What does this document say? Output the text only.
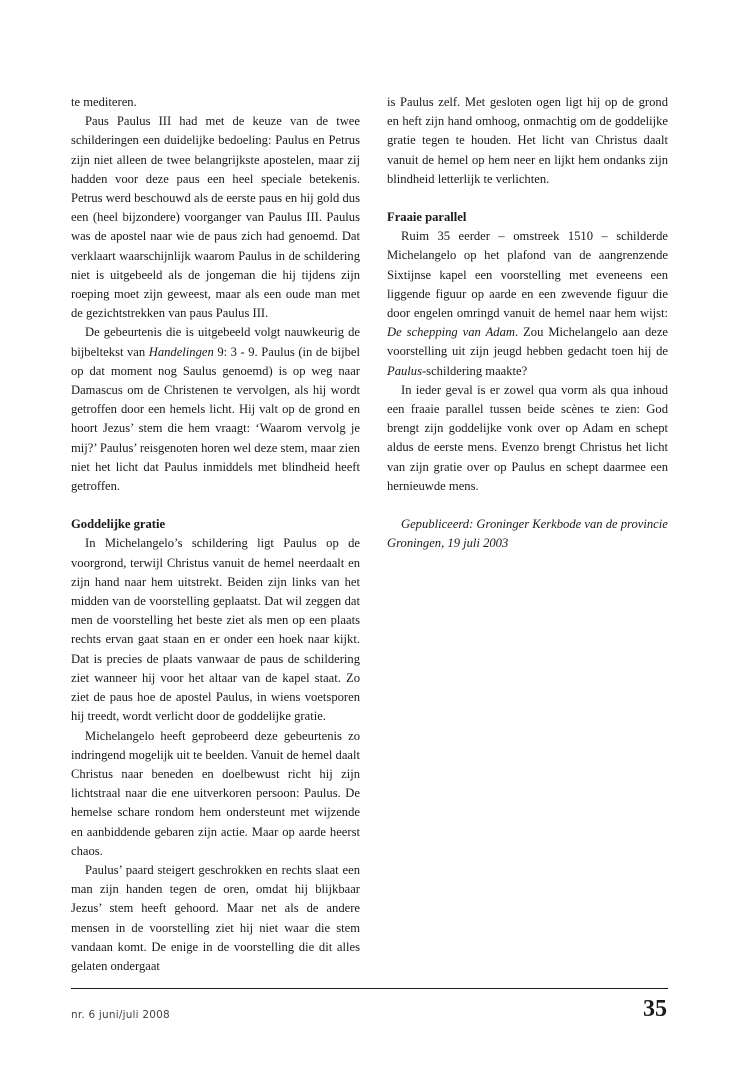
te mediteren.

Paus Paulus III had met de keuze van de twee schilderingen een duidelijke bedoeling: Paulus en Petrus zijn niet alleen de twee belangrijkste apostelen, maar zij hadden voor deze paus een heel speciale betekenis. Petrus werd beschouwd als de eerste paus en hij gold dus een (heel bijzondere) voorganger van Paulus III. Paulus was de apostel naar wie de paus zich had genoemd. Dat verklaart waarschijnlijk waarom Paulus in de schildering niet is uitgebeeld als de jongeman die hij tijdens zijn roeping moet zijn geweest, maar als een oude man met de gezichtstrekken van paus Paulus III.

De gebeurtenis die is uitgebeeld volgt nauwkeurig de bijbeltekst van Handelingen 9: 3 - 9. Paulus (in de bijbel op dat moment nog Saulus genoemd) is op weg naar Damascus om de Christenen te vervolgen, als hij wordt getroffen door een hemels licht. Hij valt op de grond en hoort Jezus’ stem die hem vraagt: ‘Waarom vervolg je mij?’ Paulus’ reisgenoten horen wel deze stem, maar zien niet het licht dat Paulus inmiddels met blindheid heeft getroffen.

Goddelijke gratie

In Michelangelo’s schildering ligt Paulus op de voorgrond, terwijl Christus vanuit de hemel neerdaalt en zijn hand naar hem uitstrekt. Beiden zijn links van het midden van de voorstelling geplaatst. Dat wil zeggen dat men de voorstelling het beste ziet als men op een plaats rechts ervan gaat staan en er onder een hoek naar kijkt. Dat is precies de plaats vanwaar de paus de schildering ziet wanneer hij voor het altaar van de kapel staat. Zo ziet de paus hoe de apostel Paulus, in wiens voetsporen hij treedt, wordt verlicht door de goddelijke gratie.

Michelangelo heeft geprobeerd deze gebeurtenis zo indringend mogelijk uit te beelden. Vanuit de hemel daalt Christus naar beneden en doelbewust richt hij zijn lichtstraal naar die ene uitverkoren persoon: Paulus. De hemelse schare rondom hem ondersteunt met wijzende en aanbiddende gebaren zijn actie. Maar op aarde heerst chaos.

Paulus’ paard steigert geschrokken en rechts slaat een man zijn handen tegen de oren, omdat hij blijkbaar Jezus’ stem heeft gehoord. Maar net als de andere mensen in de voorstelling ziet hij niet waar die stem vandaan komt. De enige in de voorstelling die dit alles gelaten ondergaat

is Paulus zelf. Met gesloten ogen ligt hij op de grond en heft zijn hand omhoog, onmachtig om de goddelijke gratie tegen te houden. Het licht van Christus daalt vanuit de hemel op hem neer en lijkt hem ondanks zijn blindheid letterlijk te verlichten.

Fraaie parallel

Ruim 35 eerder – omstreek 1510 – schilderde Michelangelo op het plafond van de aangrenzende Sixtijnse kapel een voorstelling met eveneens een liggende figuur op aarde en een zwevende figuur die door engelen omringd vanuit de hemel naar hem wijst: De schepping van Adam. Zou Michelangelo aan deze voorstelling uit zijn jeugd hebben gedacht toen hij de Paulus-schildering maakte?

In ieder geval is er zowel qua vorm als qua inhoud een fraaie parallel tussen beide scènes te zien: God brengt zijn goddelijke vonk over op Adam en schept aldus de eerste mens. Evenzo brengt Christus het licht van zijn gratie over op Paulus en schept daarmee een hernieuwde mens.

Gepubliceerd: Groninger Kerkbode van de provincie Groningen, 19 juli 2003

nr. 6 juni/juli 2008	35
